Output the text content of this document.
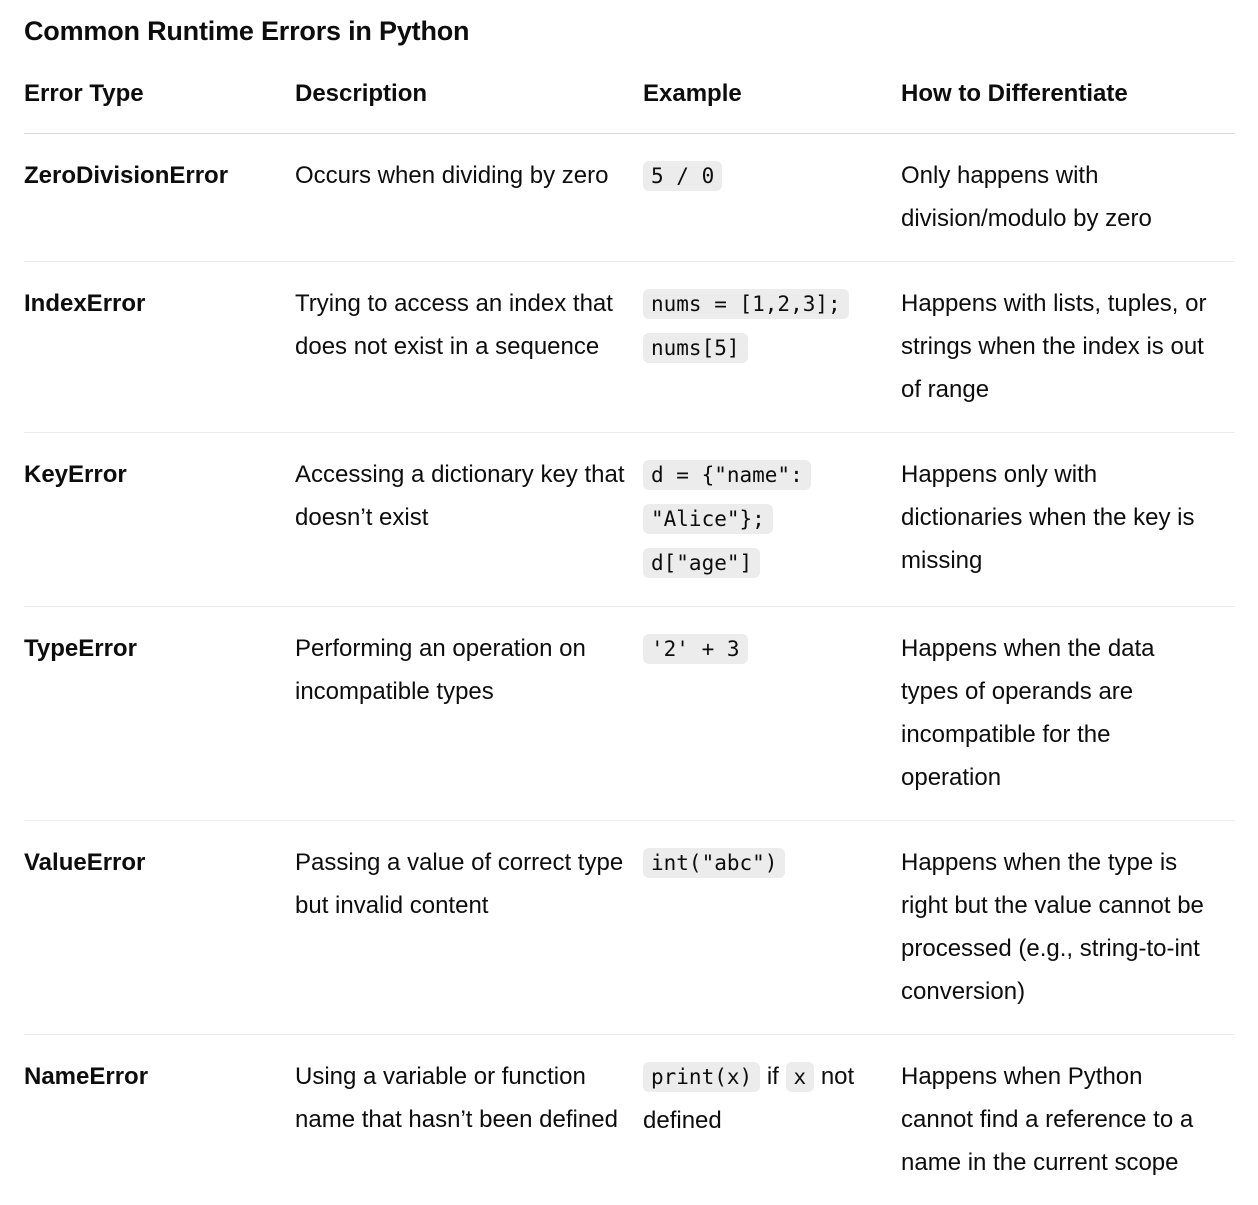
Common Runtime Errors in Python
Error Type	Description	Example	How to Differentiate

ZeroDivisionError	Occurs when dividing by zero	5 / 0	Only happens with division/modulo by zero

IndexError	Trying to access an index that does not exist in a sequence	nums = [1,2,3]; nums[5]	Happens with lists, tuples, or strings when the index is out of range

KeyError	Accessing a dictionary key that doesn’t exist	d = {"name": "Alice"}; d["age"]	Happens only with dictionaries when the key is missing

TypeError	Performing an operation on incompatible types	'2' + 3	Happens when the data types of operands are incompatible for the operation

ValueError	Passing a value of correct type but invalid content	int("abc")	Happens when the type is right but the value cannot be processed (e.g., string-to-int conversion)

NameError	Using a variable or function name that hasn’t been defined	print(x) if x not defined	Happens when Python cannot find a reference to a name in the current scope
